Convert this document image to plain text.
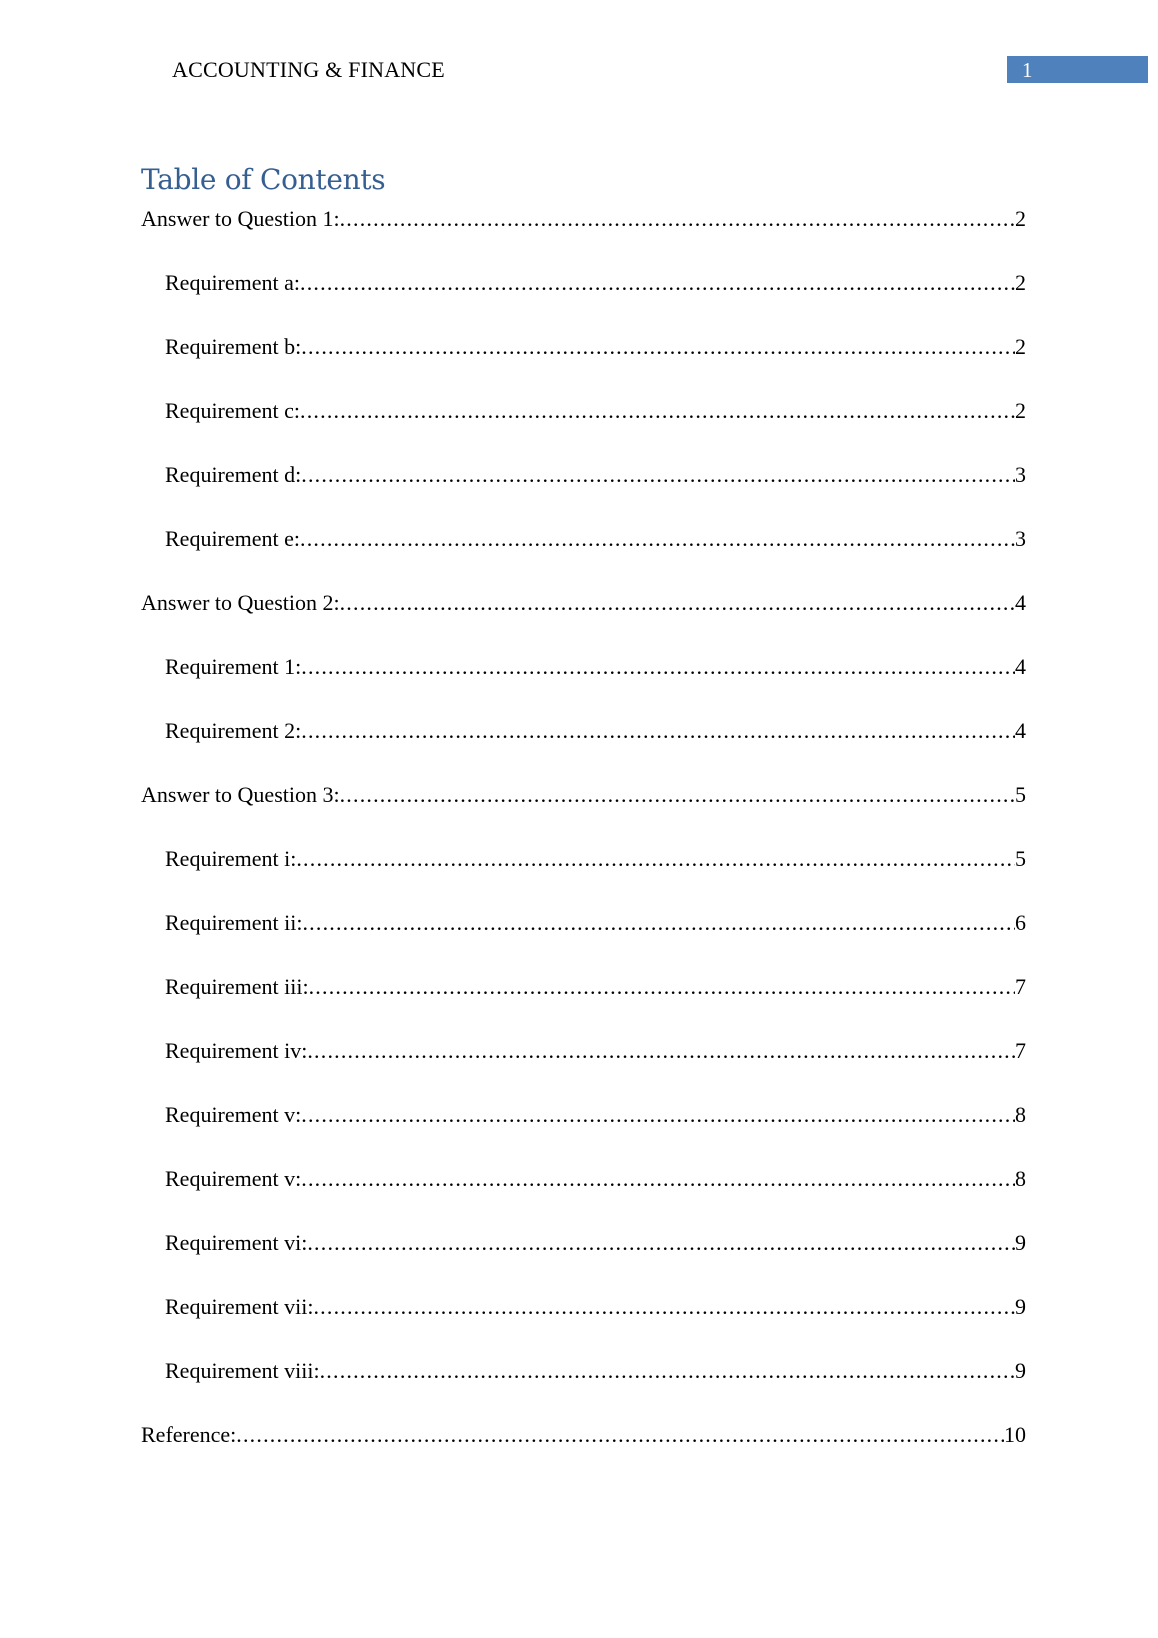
ACCOUNTING & FINANCE	1
Table of Contents
Answer to Question 1: .....	2
Requirement a: .....	2
Requirement b: .....	2
Requirement c: .....	2
Requirement d: .....	3
Requirement e: .....	3
Answer to Question 2: .....	4
Requirement 1: .....	4
Requirement 2: .....	4
Answer to Question 3: .....	5
Requirement i: .....	5
Requirement ii: .....	6
Requirement iii: .....	7
Requirement iv: .....	7
Requirement v: .....	8
Requirement v: .....	8
Requirement vi: .....	9
Requirement vii: .....	9
Requirement viii: .....	9
Reference: .....	10
